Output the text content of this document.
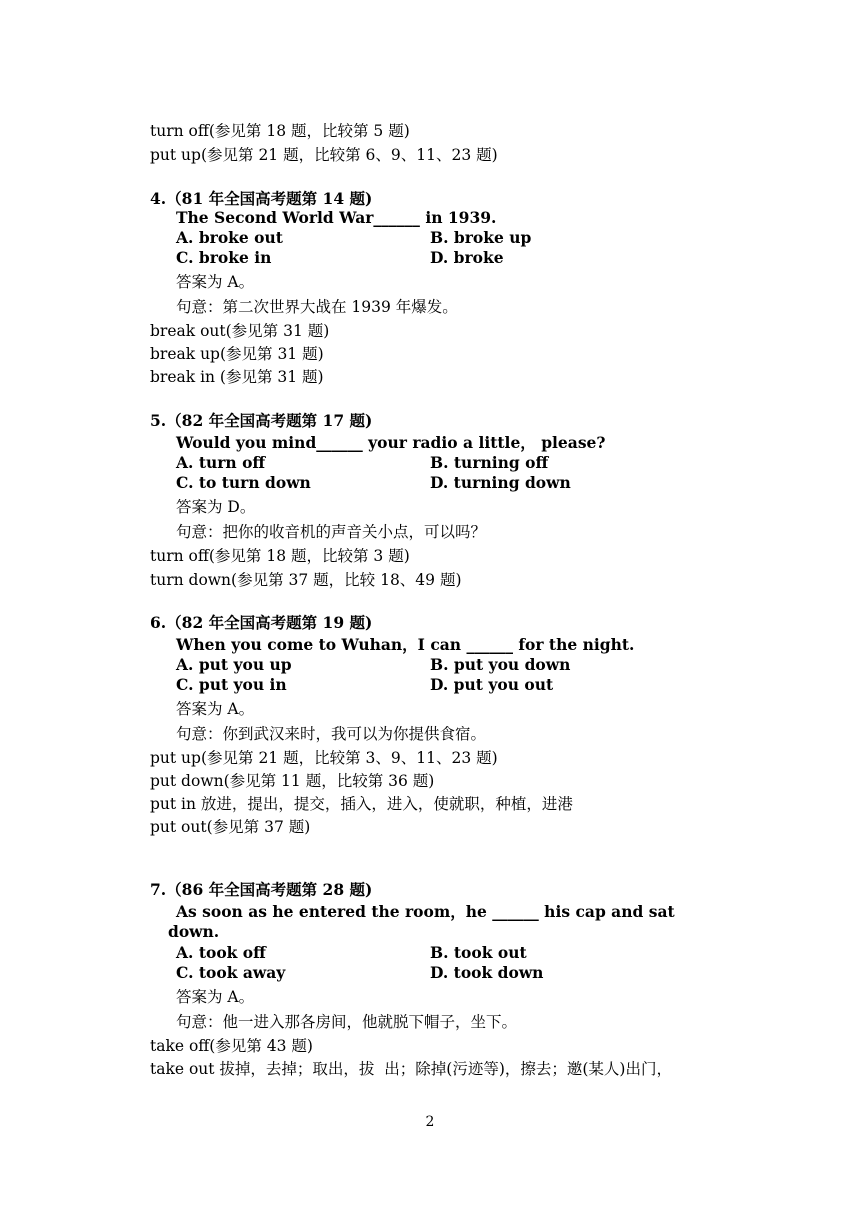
turn off(参见第 18 题，比较第 5 题)
put up(参见第 21 题，比较第 6、9、11、23 题)
4.（81 年全国高考题第 14 题)
The Second World War______ in 1939.
A. broke out	B. broke up
C. broke in	D. broke
答案为 A。
句意：第二次世界大战在 1939 年爆发。
break out(参见第 31 题)
break up(参见第 31 题)
break in (参见第 31 题)
5.（82 年全国高考题第 17 题)
Would you mind______ your radio a little， please?
A. turn off	B. turning off
C. to turn down	D. turning down
答案为 D。
句意：把你的收音机的声音关小点，可以吗？
turn off(参见第 18 题，比较第 3 题)
turn down(参见第 37 题，比较 18、49 题)
6.（82 年全国高考题第 19 题)
When you come to Wuhan，I can ______ for the night.
A. put you up	B. put you down
C. put you in	D. put you out
答案为 A。
句意：你到武汉来时，我可以为你提供食宿。
put up(参见第 21 题，比较第 3、9、11、23 题)
put down(参见第 11 题，比较第 36 题)
put in 放进，提出，提交，插入，进入，使就职，种植，进港
put out(参见第 37 题)
7.（86 年全国高考题第 28 题)
As soon as he entered the room，he ______ his cap and sat
down.
A. took off	B. took out
C. took away	D. took down
答案为 A。
句意：他一进入那各房间，他就脱下帽子，坐下。
take off(参见第 43 题)
take out 拔掉，去掉；取出，拔  出；除掉(污迹等)，擦去；邀(某人)出门，
2
